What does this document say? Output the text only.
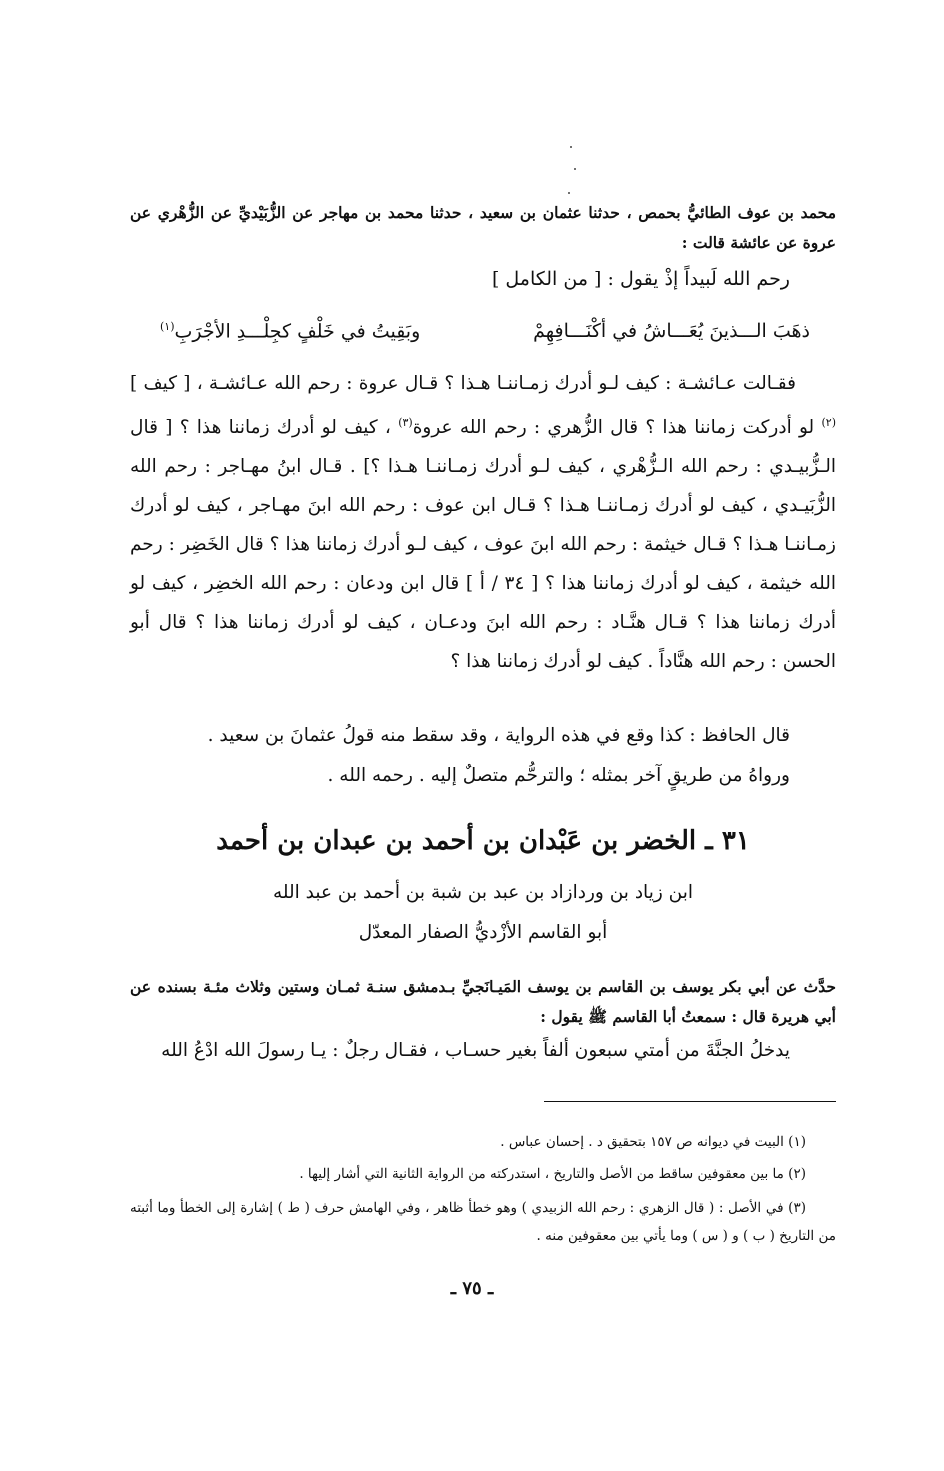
محمد بن عوف الطائيُّ بحمص ، حدثنا عثمان بن سعيد ، حدثنا محمد بن مهاجر عن الزُّبَيْديِّ عن الزُّهْري عن عروة عن عائشة قالت :
رحم الله لَبيداً إذْ يقول : [ من الكامل ]
ذهَبَ الـــذينَ يُعَـــاشُ في أكْنَـــافِهِمْ
وبَقِيتُ في خَلْفٍ كجِلْـــدِ الأجْرَبِ$^{(١)}$
فقـالت عـائشـة : كيف لـو أدرك زمـاننـا هـذا ؟ قـال عروة : رحم الله عـائشـة ، [ كيف ]$^{(٢)}$ لو أدركت زماننا هذا ؟ قال الزُّهري : رحم الله عروة$^{(٣)}$ ، كيف لو أدرك زماننا هذا ؟ [ قال الـزُّبيـدي : رحم الله الـزُّهْري ، كيف لـو أدرك زمـاننـا هـذا ؟] . قـال ابنُ مهـاجر : رحم الله الزُّبَيـدي ، كيف لو أدرك زمـاننـا هـذا ؟ قـال ابن عوف : رحم الله ابنَ مهـاجر ، كيف لو أدرك زمـاننـا هـذا ؟ قـال خيثمة : رحم الله ابنَ عوف ، كيف لـو أدرك زماننا هذا ؟ قال الخَضِر : رحم الله خيثمة ، كيف لو أدرك زماننا هذا ؟ [ ٣٤ / أ ] قال ابن ودعان : رحم الله الخضِر ، كيف لو أدرك زماننا هذا ؟ قـال هنَّـاد : رحم الله ابنَ ودعـان ، كيف لو أدرك زماننا هذا ؟ قال أبو الحسن : رحم الله هنَّاداً . كيف لو أدرك زماننا هذا ؟
قال الحافظ : كذا وقع في هذه الرواية ، وقد سقط منه قولُ عثمانَ بن سعيد .
ورواهُ من طريقٍ آخر بمثله ؛ والترحُّم متصلٌ إليه . رحمه الله .
٣١ ـ الخضر بن عَبْدان بن أحمد بن عبدان بن أحمد
ابن زياد بن وردازاد بن عبد بن شبة بن أحمد بن عبد الله
أبو القاسم الأزْديُّ الصفار المعدّل
حدَّث عن أبي بكر يوسف بن القاسم بن يوسف المَيـانَجيِّ بـدمشق سنـة ثمـان وستين وثلاث مئـة بسنده عن أبي هريرة قال : سمعتُ أبا القاسم ﷺ يقول :
يدخلُ الجنَّةَ من أمتي سبعون ألفاً بغير حسـاب ، فقـال رجلٌ : يـا رسولَ الله ادْعُ الله
(١) البيت في ديوانه ص ١٥٧ بتحقيق د . إحسان عباس .
(٢) ما بين معقوفين ساقط من الأصل والتاريخ ، استدركته من الرواية الثانية التي أشار إليها .
(٣) في الأصل : ( قال الزهري : رحم الله الزبيدي ) وهو خطأ ظاهر ، وفي الهامش حرف ( ط ) إشارة إلى الخطأ وما أثبته من التاريخ ( ب ) و ( س ) وما يأتي بين معقوفين منه .
ـ ٧٥ ـ
